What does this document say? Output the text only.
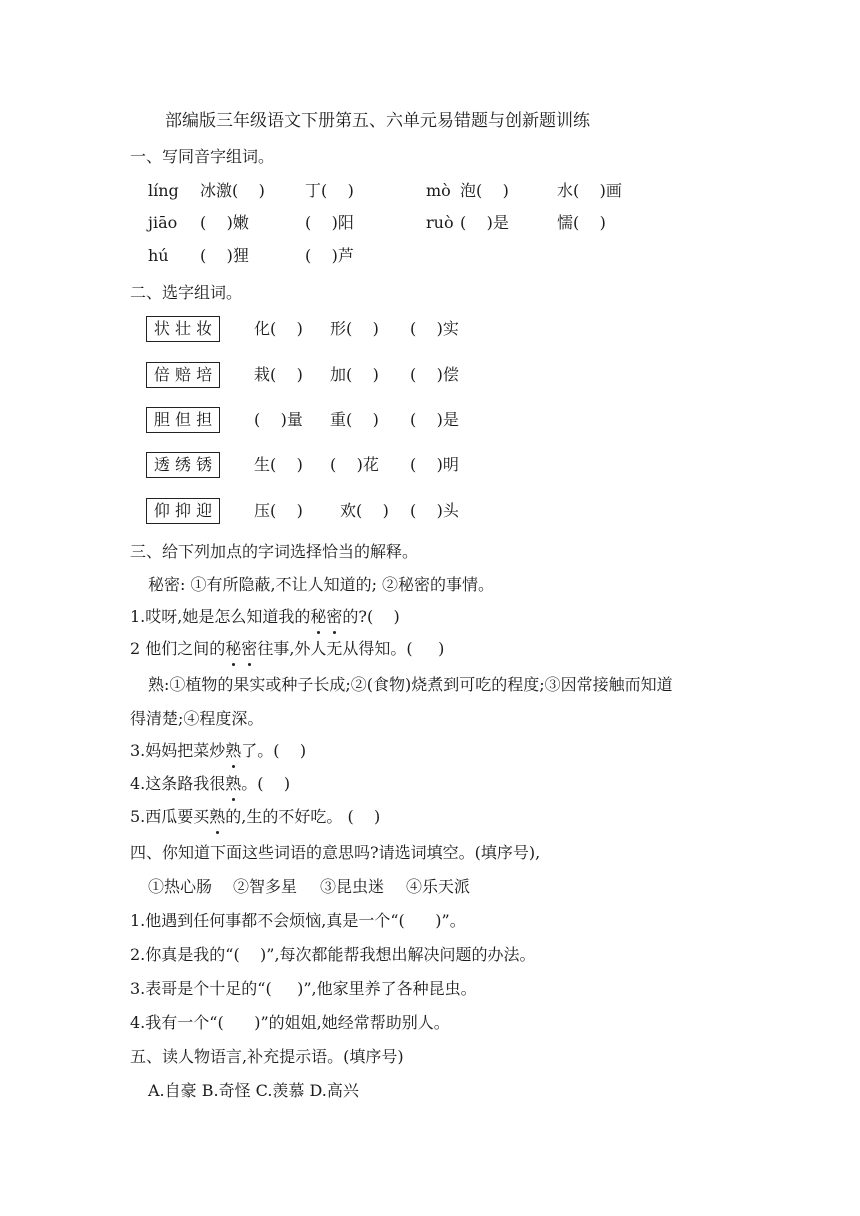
部编版三年级语文下册第五、六单元易错题与创新题训练
一、写同音字组词。
líng 冰激(    )	丁(    )	mò 泡(    )	水(    )画
jiāo (    )嫩	(    )阳	ruò (    )是	懦(    )
hú (    )狸	(    )芦
二、选字组词。
状 壮 妆	化(    ) 形(    ) (    )实
倍 赔 培	栽(    ) 加(    ) (    )偿
胆 但 担	(    )量 重(    ) (    )是
透 绣 锈	生(    ) (    )花 (    )明
仰 抑 迎	压(    ) 欢(    ) (    )头
三、给下列加点的字词选择恰当的解释。
秘密: ①有所隐蔽,不让人知道的; ②秘密的事情。
1.哎呀,她是怎么知道我的秘密的?(    )
2 他们之间的秘密往事,外人无从得知。(     )
熟:①植物的果实或种子长成;②(食物)烧煮到可吃的程度;③因常接触而知道
得清楚;④程度深。
3.妈妈把菜炒熟了。(    )
4.这条路我很熟。(    )
5.西瓜要买熟的,生的不好吃。 (    )
四、你知道下面这些词语的意思吗?请选词填空。(填序号),
①热心肠 ②智多星 ③昆虫迷 ④乐天派
1.他遇到任何事都不会烦恼,真是一个“(      )”。
2.你真是我的“(    )”,每次都能帮我想出解决问题的办法。
3.表哥是个十足的“(     )”,他家里养了各种昆虫。
4.我有一个“(      )”的姐姐,她经常帮助别人。
五、读人物语言,补充提示语。(填序号)
A.自豪 B.奇怪 C.羡慕 D.高兴
